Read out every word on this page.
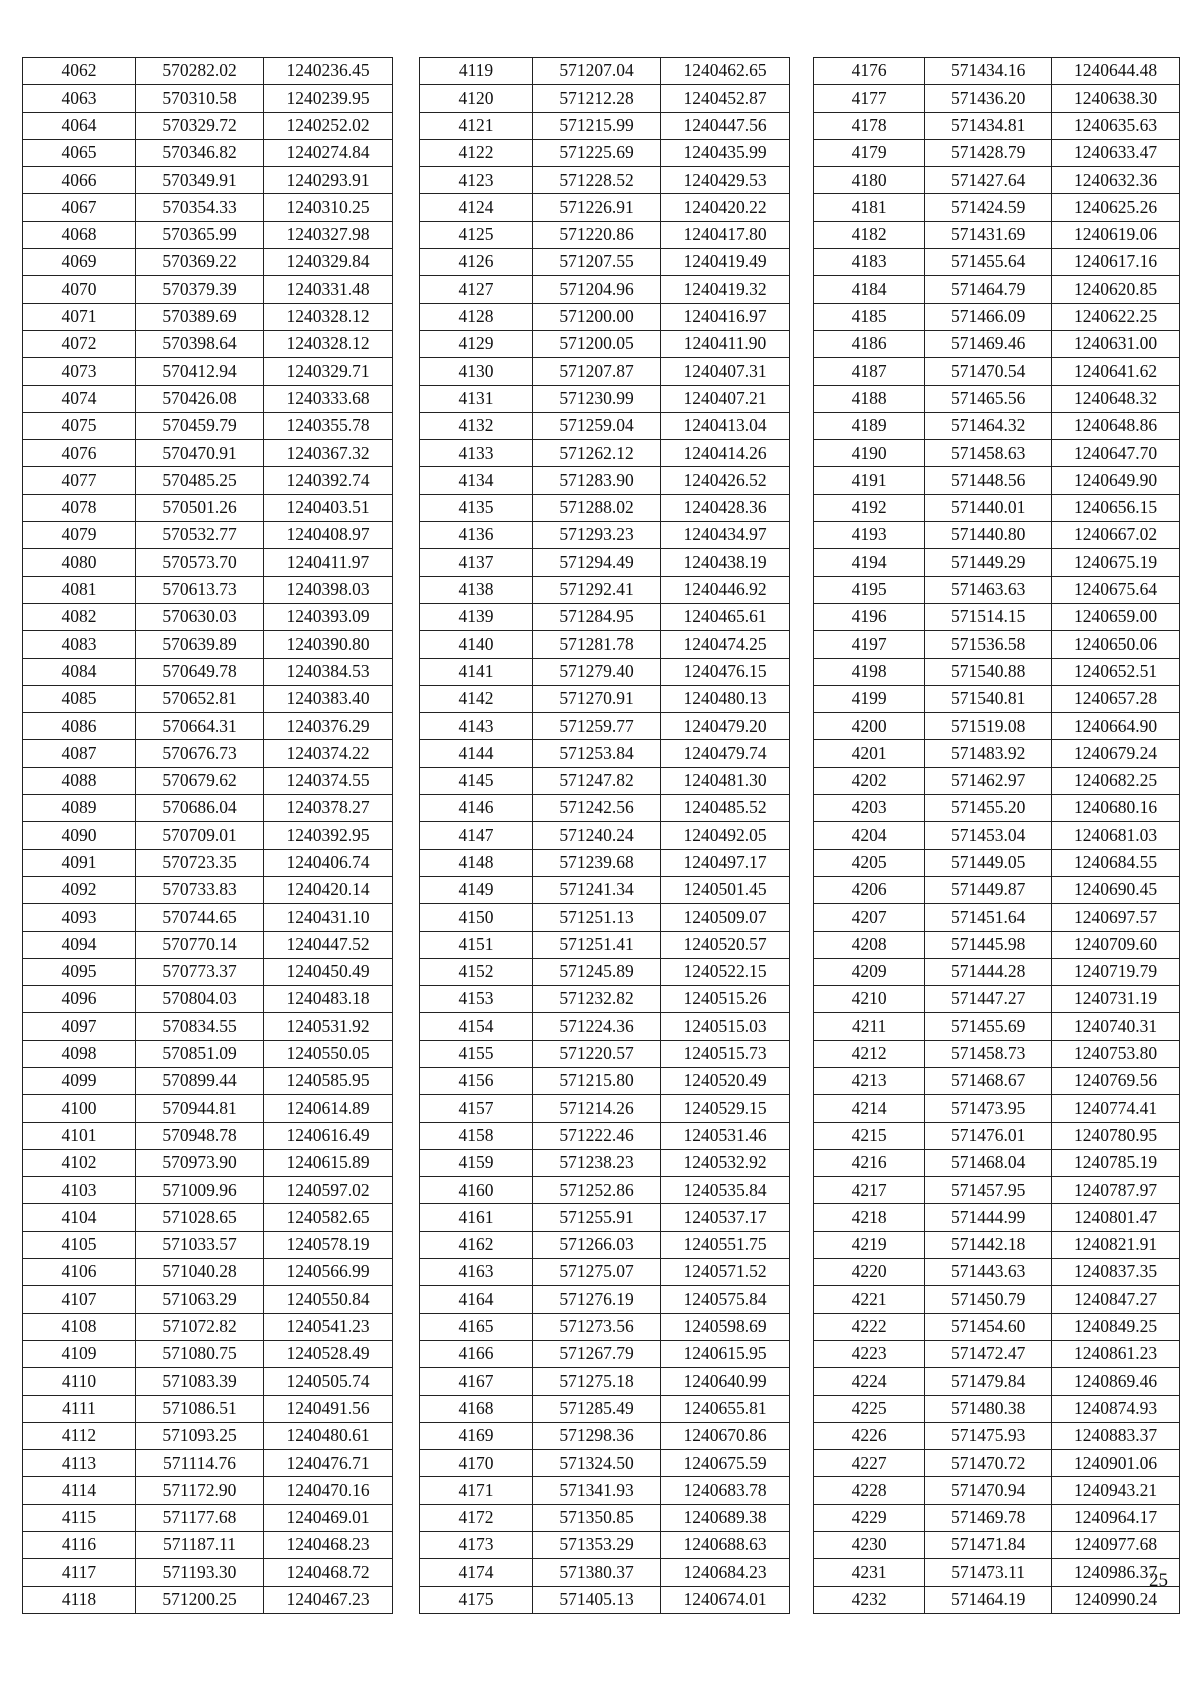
4062	570282.02	1240236.45
4063	570310.58	1240239.95
4064	570329.72	1240252.02
4065	570346.82	1240274.84
4066	570349.91	1240293.91
4067	570354.33	1240310.25
4068	570365.99	1240327.98
4069	570369.22	1240329.84
4070	570379.39	1240331.48
4071	570389.69	1240328.12
4072	570398.64	1240328.12
4073	570412.94	1240329.71
4074	570426.08	1240333.68
4075	570459.79	1240355.78
4076	570470.91	1240367.32
4077	570485.25	1240392.74
4078	570501.26	1240403.51
4079	570532.77	1240408.97
4080	570573.70	1240411.97
4081	570613.73	1240398.03
4082	570630.03	1240393.09
4083	570639.89	1240390.80
4084	570649.78	1240384.53
4085	570652.81	1240383.40
4086	570664.31	1240376.29
4087	570676.73	1240374.22
4088	570679.62	1240374.55
4089	570686.04	1240378.27
4090	570709.01	1240392.95
4091	570723.35	1240406.74
4092	570733.83	1240420.14
4093	570744.65	1240431.10
4094	570770.14	1240447.52
4095	570773.37	1240450.49
4096	570804.03	1240483.18
4097	570834.55	1240531.92
4098	570851.09	1240550.05
4099	570899.44	1240585.95
4100	570944.81	1240614.89
4101	570948.78	1240616.49
4102	570973.90	1240615.89
4103	571009.96	1240597.02
4104	571028.65	1240582.65
4105	571033.57	1240578.19
4106	571040.28	1240566.99
4107	571063.29	1240550.84
4108	571072.82	1240541.23
4109	571080.75	1240528.49
4110	571083.39	1240505.74
4111	571086.51	1240491.56
4112	571093.25	1240480.61
4113	571114.76	1240476.71
4114	571172.90	1240470.16
4115	571177.68	1240469.01
4116	571187.11	1240468.23
4117	571193.30	1240468.72
4118	571200.25	1240467.23
4119	571207.04	1240462.65
4120	571212.28	1240452.87
4121	571215.99	1240447.56
4122	571225.69	1240435.99
4123	571228.52	1240429.53
4124	571226.91	1240420.22
4125	571220.86	1240417.80
4126	571207.55	1240419.49
4127	571204.96	1240419.32
4128	571200.00	1240416.97
4129	571200.05	1240411.90
4130	571207.87	1240407.31
4131	571230.99	1240407.21
4132	571259.04	1240413.04
4133	571262.12	1240414.26
4134	571283.90	1240426.52
4135	571288.02	1240428.36
4136	571293.23	1240434.97
4137	571294.49	1240438.19
4138	571292.41	1240446.92
4139	571284.95	1240465.61
4140	571281.78	1240474.25
4141	571279.40	1240476.15
4142	571270.91	1240480.13
4143	571259.77	1240479.20
4144	571253.84	1240479.74
4145	571247.82	1240481.30
4146	571242.56	1240485.52
4147	571240.24	1240492.05
4148	571239.68	1240497.17
4149	571241.34	1240501.45
4150	571251.13	1240509.07
4151	571251.41	1240520.57
4152	571245.89	1240522.15
4153	571232.82	1240515.26
4154	571224.36	1240515.03
4155	571220.57	1240515.73
4156	571215.80	1240520.49
4157	571214.26	1240529.15
4158	571222.46	1240531.46
4159	571238.23	1240532.92
4160	571252.86	1240535.84
4161	571255.91	1240537.17
4162	571266.03	1240551.75
4163	571275.07	1240571.52
4164	571276.19	1240575.84
4165	571273.56	1240598.69
4166	571267.79	1240615.95
4167	571275.18	1240640.99
4168	571285.49	1240655.81
4169	571298.36	1240670.86
4170	571324.50	1240675.59
4171	571341.93	1240683.78
4172	571350.85	1240689.38
4173	571353.29	1240688.63
4174	571380.37	1240684.23
4175	571405.13	1240674.01
4176	571434.16	1240644.48
4177	571436.20	1240638.30
4178	571434.81	1240635.63
4179	571428.79	1240633.47
4180	571427.64	1240632.36
4181	571424.59	1240625.26
4182	571431.69	1240619.06
4183	571455.64	1240617.16
4184	571464.79	1240620.85
4185	571466.09	1240622.25
4186	571469.46	1240631.00
4187	571470.54	1240641.62
4188	571465.56	1240648.32
4189	571464.32	1240648.86
4190	571458.63	1240647.70
4191	571448.56	1240649.90
4192	571440.01	1240656.15
4193	571440.80	1240667.02
4194	571449.29	1240675.19
4195	571463.63	1240675.64
4196	571514.15	1240659.00
4197	571536.58	1240650.06
4198	571540.88	1240652.51
4199	571540.81	1240657.28
4200	571519.08	1240664.90
4201	571483.92	1240679.24
4202	571462.97	1240682.25
4203	571455.20	1240680.16
4204	571453.04	1240681.03
4205	571449.05	1240684.55
4206	571449.87	1240690.45
4207	571451.64	1240697.57
4208	571445.98	1240709.60
4209	571444.28	1240719.79
4210	571447.27	1240731.19
4211	571455.69	1240740.31
4212	571458.73	1240753.80
4213	571468.67	1240769.56
4214	571473.95	1240774.41
4215	571476.01	1240780.95
4216	571468.04	1240785.19
4217	571457.95	1240787.97
4218	571444.99	1240801.47
4219	571442.18	1240821.91
4220	571443.63	1240837.35
4221	571450.79	1240847.27
4222	571454.60	1240849.25
4223	571472.47	1240861.23
4224	571479.84	1240869.46
4225	571480.38	1240874.93
4226	571475.93	1240883.37
4227	571470.72	1240901.06
4228	571470.94	1240943.21
4229	571469.78	1240964.17
4230	571471.84	1240977.68
4231	571473.11	1240986.37
4232	571464.19	1240990.24
25
